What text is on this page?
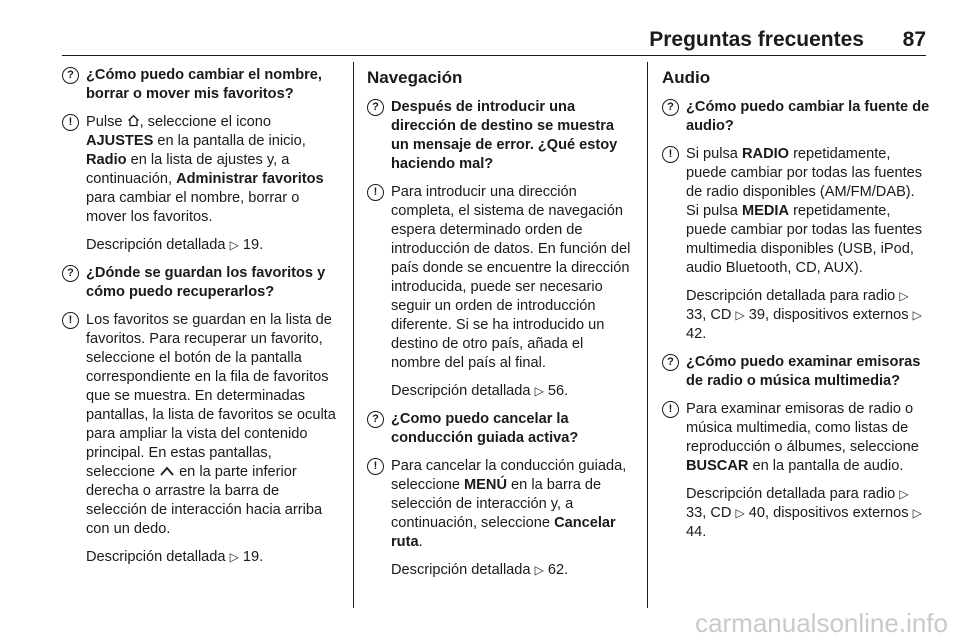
Preguntas frecuentes 87
? ¿Cómo puedo cambiar el nombre, borrar o mover mis favoritos?
! Pulse , seleccione el icono AJUSTES en la pantalla de inicio, Radio en la lista de ajustes y, a continuación, Administrar favoritos para cambiar el nombre, borrar o mover los favoritos.
Descripción detallada ▷ 19.
? ¿Dónde se guardan los favoritos y cómo puedo recuperarlos?
! Los favoritos se guardan en la lista de favoritos. Para recuperar un favorito, seleccione el botón de la pantalla correspondiente en la fila de favoritos que se muestra. En determinadas pantallas, la lista de favoritos se oculta para ampliar la vista del contenido principal. En estas pantallas, seleccione  en la parte inferior derecha o arrastre la barra de selección de interacción hacia arriba con un dedo.
Descripción detallada ▷ 19.
Navegación
? Después de introducir una dirección de destino se muestra un mensaje de error. ¿Qué estoy haciendo mal?
! Para introducir una dirección completa, el sistema de navegación espera determinado orden de introducción de datos. En función del país donde se encuentre la dirección introducida, puede ser necesario seguir un orden de introducción diferente. Si se ha introducido un destino de otro país, añada el nombre del país al final.
Descripción detallada ▷ 56.
? ¿Como puedo cancelar la conducción guiada activa?
! Para cancelar la conducción guiada, seleccione MENÚ en la barra de selección de interacción y, a continuación, seleccione Cancelar ruta.
Descripción detallada ▷ 62.
Audio
? ¿Cómo puedo cambiar la fuente de audio?
! Si pulsa RADIO repetidamente, puede cambiar por todas las fuentes de radio disponibles (AM/FM/DAB). Si pulsa MEDIA repetidamente, puede cambiar por todas las fuentes multimedia disponibles (USB, iPod, audio Bluetooth, CD, AUX).
Descripción detallada para radio ▷ 33, CD ▷ 39, dispositivos externos ▷ 42.
? ¿Cómo puedo examinar emisoras de radio o música multimedia?
! Para examinar emisoras de radio o música multimedia, como listas de reproducción o álbumes, seleccione BUSCAR en la pantalla de audio.
Descripción detallada para radio ▷ 33, CD ▷ 40, dispositivos externos ▷ 44.
carmanualsonline.info
